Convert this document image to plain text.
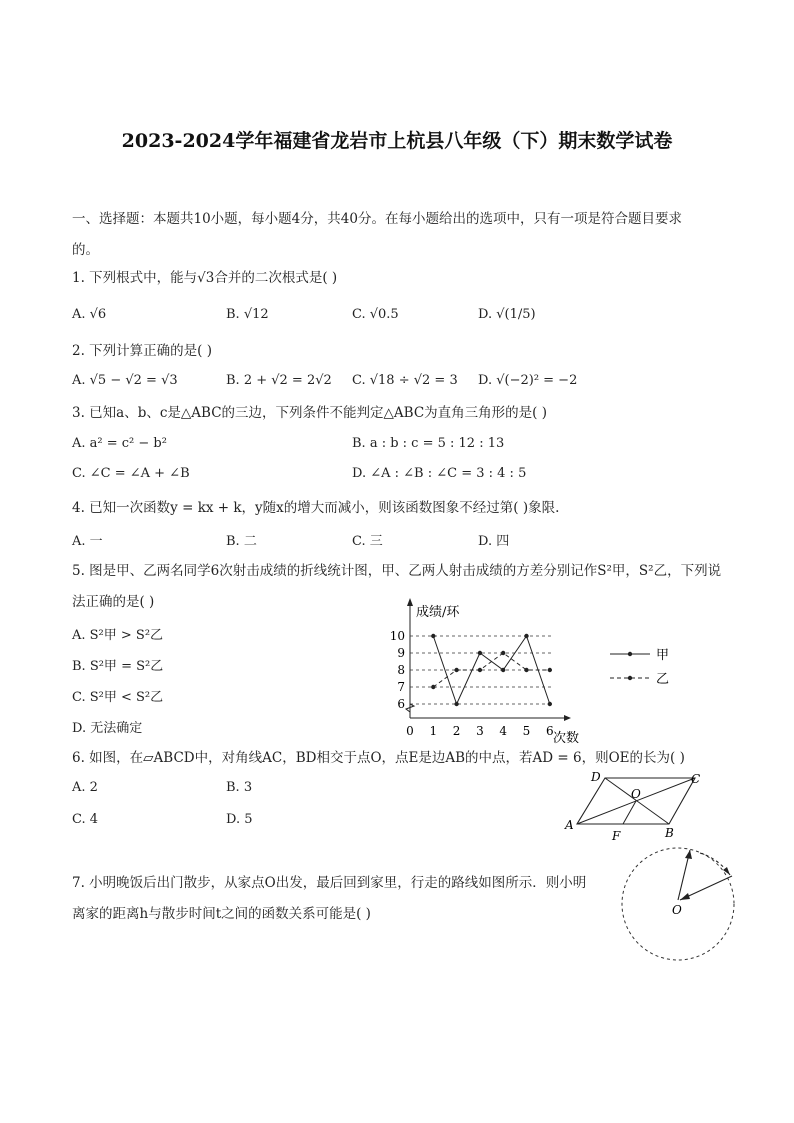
2023-2024学年福建省龙岩市上杭县八年级（下）期末数学试卷
一、选择题：本题共10小题，每小题4分，共40分。在每小题给出的选项中，只有一项是符合题目要求
的。
1. 下列根式中，能与√3合并的二次根式是( )
A. √6	B. √12	C. √0.5	D. √(1/5)
2. 下列计算正确的是( )
A. √5 − √2 = √3	B. 2 + √2 = 2√2 C. √18 ÷ √2 = 3 D. √(−2)² = −2
3. 已知a、b、c是△ABC的三边，下列条件不能判定△ABC为直角三角形的是( )
A. a² = c² − b²	B. a : b : c = 5 : 12 : 13
C. ∠C = ∠A + ∠B	D. ∠A : ∠B : ∠C = 3 : 4 : 5
4. 已知一次函数y = kx + k，y随x的增大而减小，则该函数图象不经过第( )象限.
A. 一	B. 二	C. 三	D. 四
5. 图是甲、乙两名同学6次射击成绩的折线统计图，甲、乙两人射击成绩的方差分别记作S²甲，S²乙，下列说
法正确的是( )
A. S²甲 > S²乙
B. S²甲 = S²乙
C. S²甲 < S²乙
D. 无法确定
6
7
8
9
10
0 1 2 3 4 5 6
成绩/环
次数
甲
乙
6. 如图，在▱ABCD中，对角线AC，BD相交于点O，点E是边AB的中点，若AD = 6，则OE的长为( )
A. 2	B. 3
C. 4	D. 5	A
B
C
D
O
F
7. 小明晚饭后出门散步，从家点O出发，最后回到家里，行走的路线如图所示．则小明
离家的距离h与散步时间t之间的函数关系可能是( )	O
